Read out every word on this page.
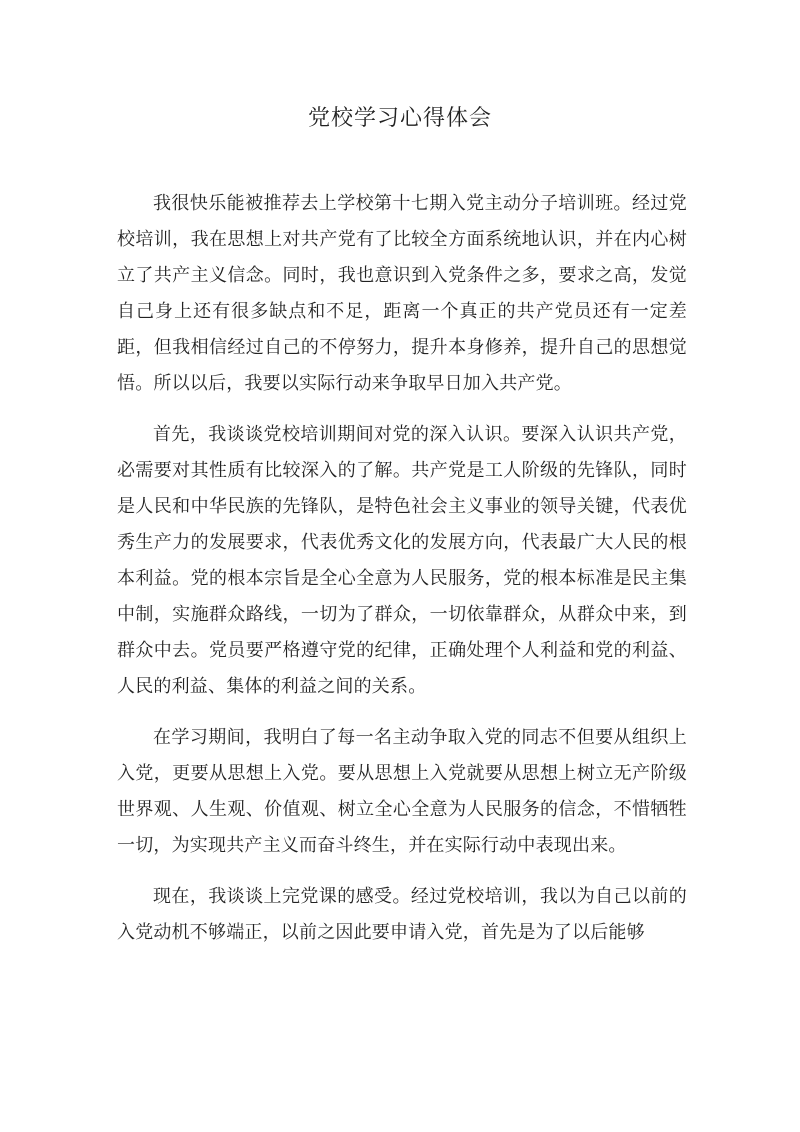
党校学习心得体会

我很快乐能被推荐去上学校第十七期入党主动分子培训班。经过党校培训，我在思想上对共产党有了比较全方面系统地认识，并在内心树立了共产主义信念。同时，我也意识到入党条件之多，要求之高，发觉自己身上还有很多缺点和不足，距离一个真正的共产党员还有一定差距，但我相信经过自己的不停努力，提升本身修养，提升自己的思想觉悟。所以以后，我要以实际行动来争取早日加入共产党。

首先，我谈谈党校培训期间对党的深入认识。要深入认识共产党，必需要对其性质有比较深入的了解。共产党是工人阶级的先锋队，同时是人民和中华民族的先锋队，是特色社会主义事业的领导关键，代表优秀生产力的发展要求，代表优秀文化的发展方向，代表最广大人民的根本利益。党的根本宗旨是全心全意为人民服务，党的根本标准是民主集中制，实施群众路线，一切为了群众，一切依靠群众，从群众中来，到群众中去。党员要严格遵守党的纪律，正确处理个人利益和党的利益、人民的利益、集体的利益之间的关系。

在学习期间，我明白了每一名主动争取入党的同志不但要从组织上入党，更要从思想上入党。要从思想上入党就要从思想上树立无产阶级世界观、人生观、价值观、树立全心全意为人民服务的信念，不惜牺牲一切，为实现共产主义而奋斗终生，并在实际行动中表现出来。

现在，我谈谈上完党课的感受。经过党校培训，我以为自己以前的入党动机不够端正，以前之因此要申请入党，首先是为了以后能够
